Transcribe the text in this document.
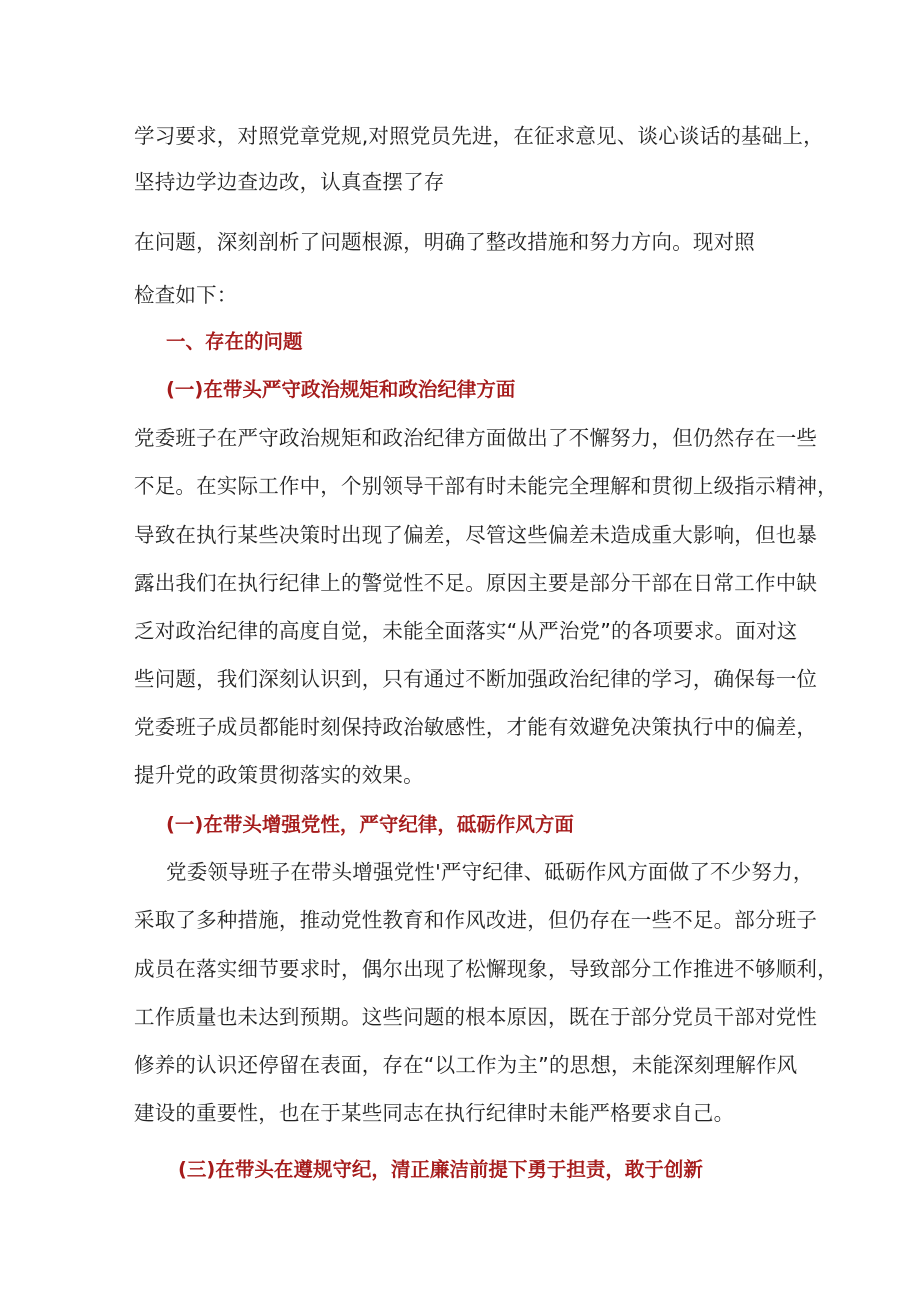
学习要求，对照党章党规,对照党员先进，在征求意见、谈心谈话的基础上，
坚持边学边查边改，认真查摆了存
在问题，深刻剖析了问题根源，明确了整改措施和努力方向。现对照
检查如下：
一、存在的问题
(一)在带头严守政治规矩和政治纪律方面
党委班子在严守政治规矩和政治纪律方面做出了不懈努力，但仍然存在一些
不足。在实际工作中，个别领导干部有时未能完全理解和贯彻上级指示精神，
导致在执行某些决策时出现了偏差，尽管这些偏差未造成重大影响，但也暴
露出我们在执行纪律上的警觉性不足。原因主要是部分干部在日常工作中缺
乏对政治纪律的高度自觉，未能全面落实“从严治党”的各项要求。面对这
些问题，我们深刻认识到，只有通过不断加强政治纪律的学习，确保每一位
党委班子成员都能时刻保持政治敏感性，才能有效避免决策执行中的偏差，
提升党的政策贯彻落实的效果。
(一)在带头增强党性，严守纪律，砥砺作风方面
党委领导班子在带头增强党性'严守纪律、砥砺作风方面做了不少努力，
采取了多种措施，推动党性教育和作风改进，但仍存在一些不足。部分班子
成员在落实细节要求时，偶尔出现了松懈现象，导致部分工作推进不够顺利，
工作质量也未达到预期。这些问题的根本原因，既在于部分党员干部对党性
修养的认识还停留在表面，存在“以工作为主”的思想，未能深刻理解作风
建设的重要性，也在于某些同志在执行纪律时未能严格要求自己。
(三)在带头在遵规守纪，清正廉洁前提下勇于担责，敢于创新
